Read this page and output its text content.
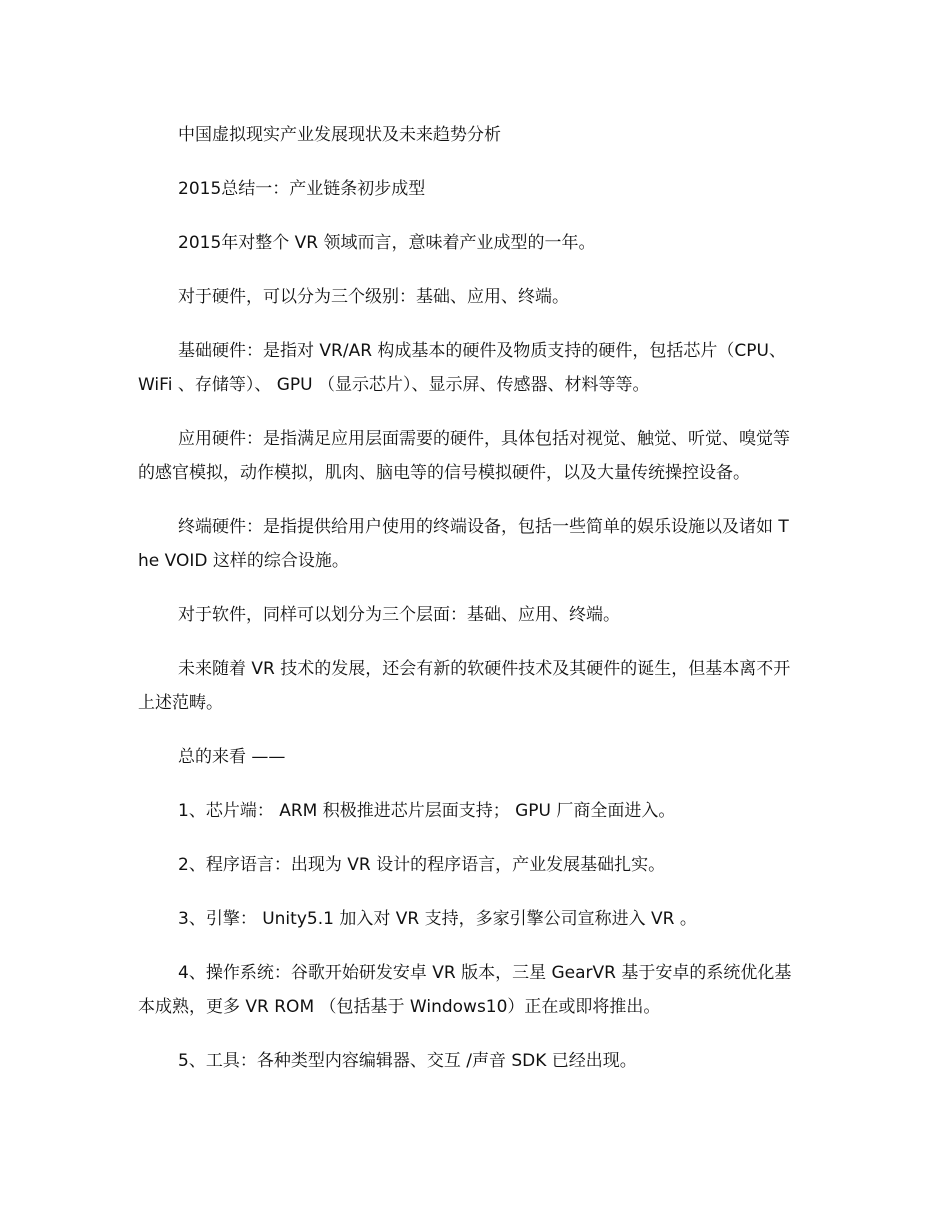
中国虚拟现实产业发展现状及未来趋势分析

2015总结一：产业链条初步成型

2015年对整个 VR 领域而言，意味着产业成型的一年。

对于硬件，可以分为三个级别：基础、应用、终端。

基础硬件：是指对 VR/AR 构成基本的硬件及物质支持的硬件，包括芯片（CPU、WiFi 、存储等）、 GPU （显示芯片）、显示屏、传感器、材料等等。

应用硬件：是指满足应用层面需要的硬件，具体包括对视觉、触觉、听觉、嗅觉等的感官模拟，动作模拟，肌肉、脑电等的信号模拟硬件，以及大量传统操控设备。

终端硬件：是指提供给用户使用的终端设备，包括一些简单的娱乐设施以及诸如 The VOID 这样的综合设施。

对于软件，同样可以划分为三个层面：基础、应用、终端。

未来随着 VR 技术的发展，还会有新的软硬件技术及其硬件的诞生，但基本离不开上述范畴。

总的来看 ——

1、芯片端： ARM 积极推进芯片层面支持； GPU 厂商全面进入。

2、程序语言：出现为 VR 设计的程序语言，产业发展基础扎实。

3、引擎： Unity5.1 加入对 VR 支持，多家引擎公司宣称进入 VR 。

4、操作系统：谷歌开始研发安卓 VR 版本，三星 GearVR 基于安卓的系统优化基本成熟，更多 VR ROM （包括基于 Windows10）正在或即将推出。

5、工具：各种类型内容编辑器、交互 /声音 SDK 已经出现。
